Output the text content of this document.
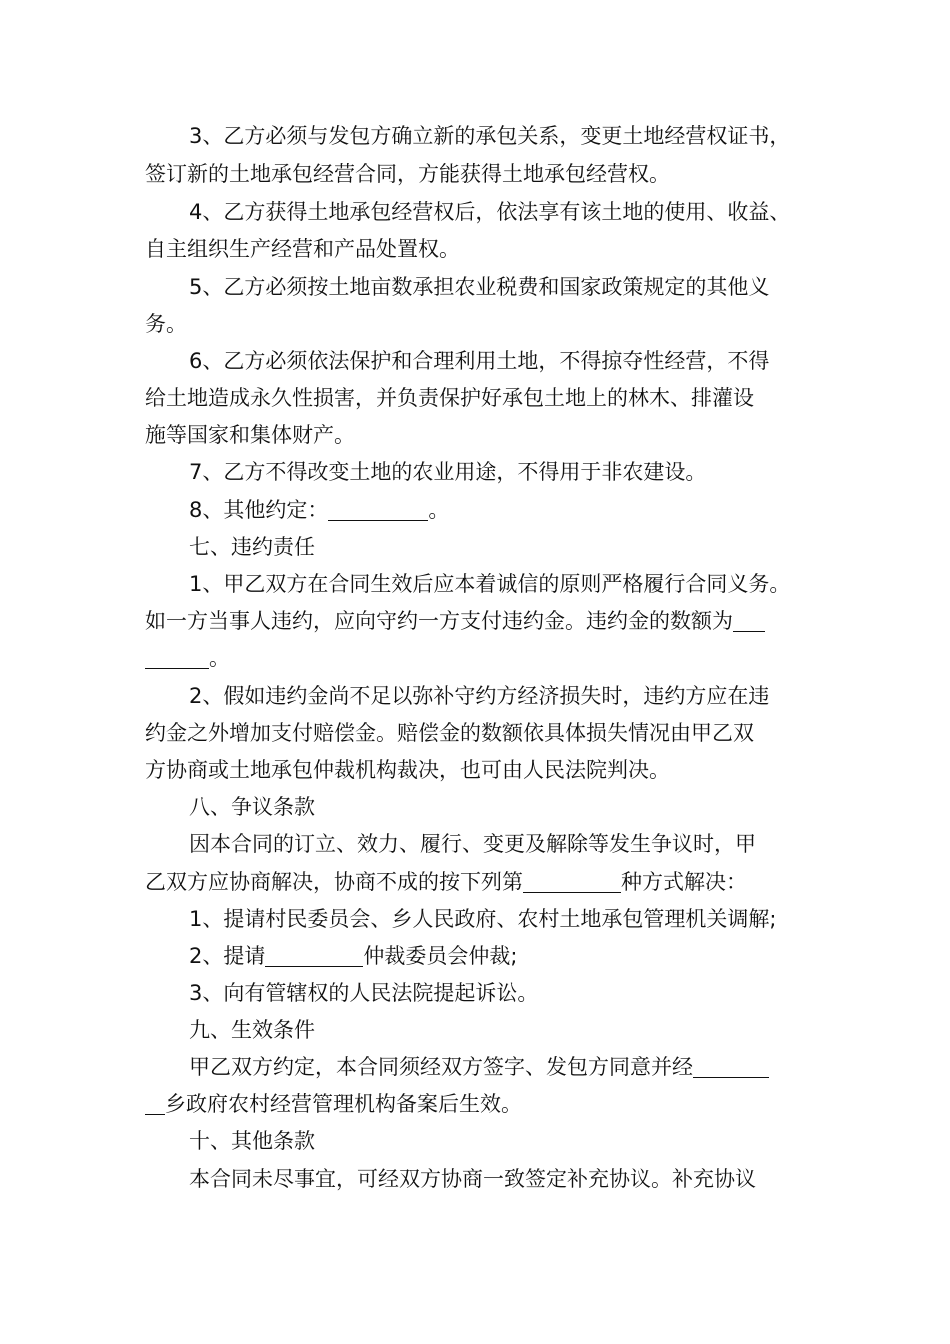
3、乙方必须与发包方确立新的承包关系，变更土地经营权证书，
签订新的土地承包经营合同，方能获得土地承包经营权。
4、乙方获得土地承包经营权后，依法享有该土地的使用、收益、
自主组织生产经营和产品处置权。
5、乙方必须按土地亩数承担农业税费和国家政策规定的其他义
务。
6、乙方必须依法保护和合理利用土地，不得掠夺性经营，不得
给土地造成永久性损害，并负责保护好承包土地上的林木、排灌设
施等国家和集体财产。
7、乙方不得改变土地的农业用途，不得用于非农建设。
8、其他约定：	。
七、违约责任
1、甲乙双方在合同生效后应本着诚信的原则严格履行合同义务。
如一方当事人违约，应向守约一方支付违约金。违约金的数额为
。
2、假如违约金尚不足以弥补守约方经济损失时，违约方应在违
约金之外增加支付赔偿金。赔偿金的数额依具体损失情况由甲乙双
方协商或土地承包仲裁机构裁决，也可由人民法院判决。
八、争议条款
因本合同的订立、效力、履行、变更及解除等发生争议时，甲
乙双方应协商解决，协商不成的按下列第	种方式解决：
1、提请村民委员会、乡人民政府、农村土地承包管理机关调解;
2、提请	仲裁委员会仲裁;
3、向有管辖权的人民法院提起诉讼。
九、生效条件
甲乙双方约定，本合同须经双方签字、发包方同意并经
乡政府农村经营管理机构备案后生效。
十、其他条款
本合同未尽事宜，可经双方协商一致签定补充协议。补充协议
